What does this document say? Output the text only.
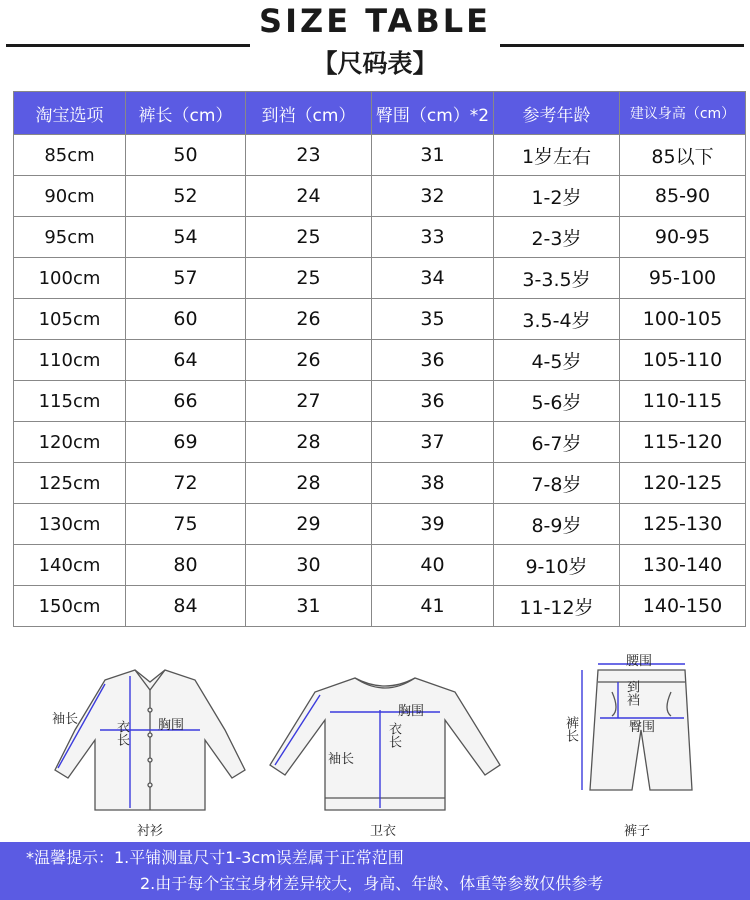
SIZE TABLE
【尺码表】
淘宝选项	裤长（cm）	到裆（cm）	臀围（cm）*2	参考年龄	建议身高（cm）
85cm	50	23	31	1岁左右	85以下
90cm	52	24	32	1-2岁	85-90
95cm	54	25	33	2-3岁	90-95
100cm	57	25	34	3-3.5岁	95-100
105cm	60	26	35	3.5-4岁	100-105
110cm	64	26	36	4-5岁	105-110
115cm	66	27	36	5-6岁	110-115
120cm	69	28	37	6-7岁	115-120
125cm	72	28	38	7-8岁	120-125
130cm	75	29	39	8-9岁	125-130
140cm	80	30	40	9-10岁	130-140
150cm	84	31	41	11-12岁	140-150
袖长
衣长 胸围
衬衫
胸围
衣长
袖长
卫衣
腰围
到裆
臀围
裤长
裤子
*温馨提示：1.平铺测量尺寸1-3cm误差属于正常范围
2.由于每个宝宝身材差异较大，身高、年龄、体重等参数仅供参考
